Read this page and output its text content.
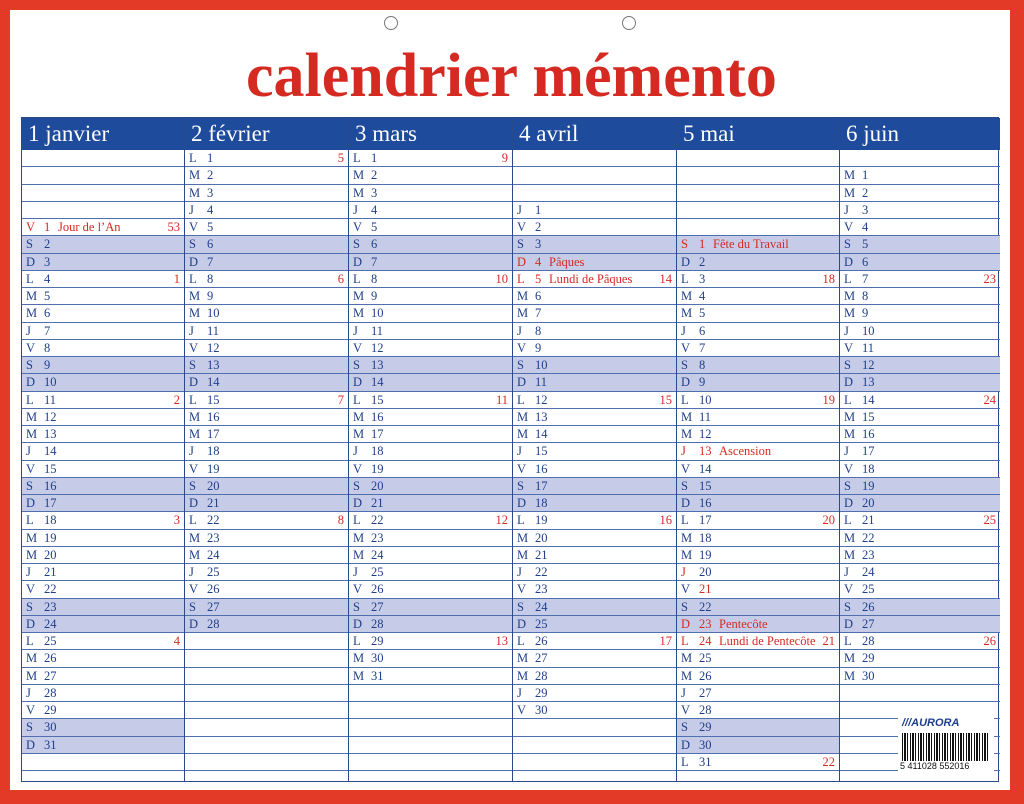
calendrier mémento
1 janvier
V 1 Jour de l’An	53
S 2
D 3
L 4	1
M 5
M 6
J 7
V 8
S 9
D 10
L 11	2
M 12
M 13
J 14
V 15
S 16
D 17
L 18	3
M 19
M 20
J 21
V 22
S 23
D 24
L 25	4
M 26
M 27
J 28
V 29
S 30
D 31
2 février
L 1	5
M 2
M 3
J 4
V 5
S 6
D 7
L 8	6
M 9
M 10
J 11
V 12
S 13
D 14
L 15	7
M 16
M 17
J 18
V 19
S 20
D 21
L 22	8
M 23
M 24
J 25
V 26
S 27
D 28
3 mars
L 1	9
M 2
M 3
J 4
V 5
S 6
D 7
L 8	10
M 9
M 10
J 11
V 12
S 13
D 14
L 15	11
M 16
M 17
J 18
V 19
S 20
D 21
L 22	12
M 23
M 24
J 25
V 26
S 27
D 28
L 29	13
M 30
M 31
4 avril
J 1
V 2
S 3
D 4 Pâques
L 5 Lundi de Pâques 14
M 6
M 7
J 8
V 9
S 10
D 11
L 12	15
M 13
M 14
J 15
V 16
S 17
D 18
L 19	16
M 20
M 21
J 22
V 23
S 24
D 25
L 26	17
M 27
M 28
J 29
V 30
5 mai
S 1 Fête du Travail
D 2
L 3	18
M 4
M 5
J 6
V 7
S 8
D 9
L 10	19
M 11
M 12
J 13 Ascension
V 14
S 15
D 16
L 17	20
M 18
M 19
J 20
V 21
S 22
D 23 Pentecôte
L 24 Lundi de Pentecôte 21
M 25
M 26
J 27
V 28
S 29
D 30
L 31	22
6 juin
M 1
M 2
J 3
V 4
S 5
D 6
L 7	23
M 8
M 9
J 10
V 11
S 12
D 13
L 14	24
M 15
M 16
J 17
V 18
S 19
D 20
L 21	25
M 22
M 23
J 24
V 25
S 26
D 27
L 28	26
M 29
M 30
///AURORA
5 411028 552016
